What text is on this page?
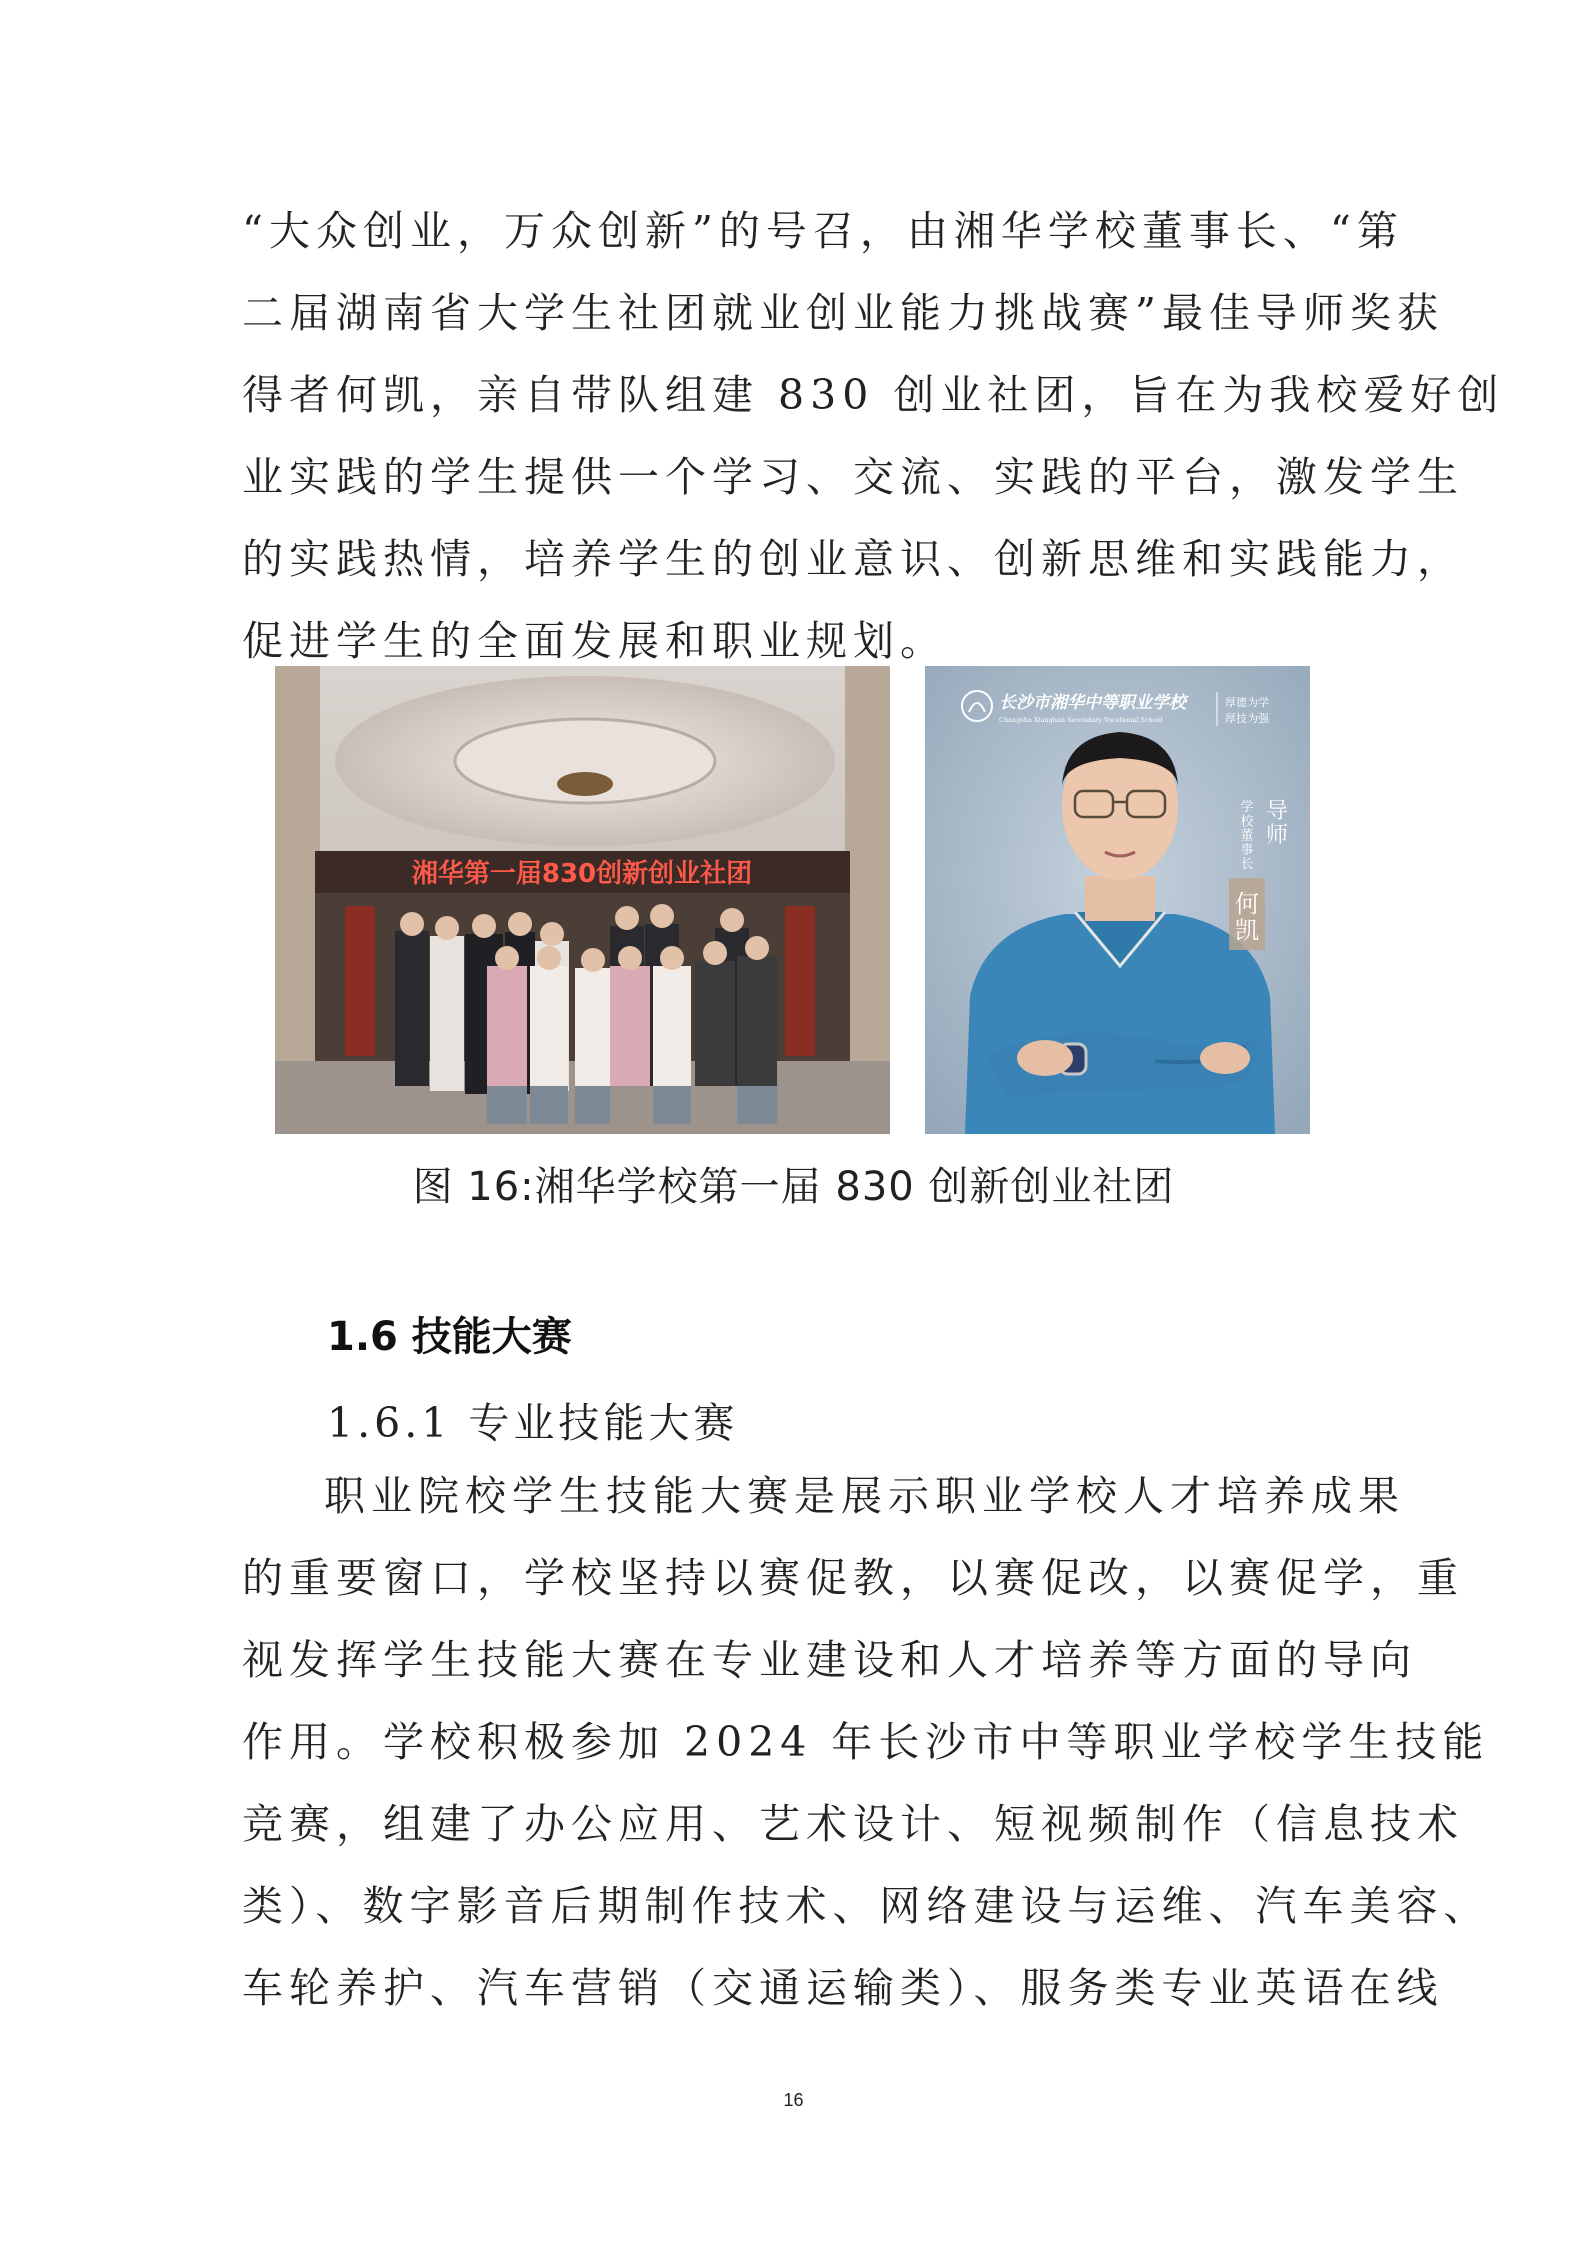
“大众创业，万众创新”的号召，由湘华学校董事长、“第
二届湖南省大学生社团就业创业能力挑战赛”最佳导师奖获
得者何凯，亲自带队组建 830 创业社团，旨在为我校爱好创
业实践的学生提供一个学习、交流、实践的平台，激发学生
的实践热情，培养学生的创业意识、创新思维和实践能力，
促进学生的全面发展和职业规划。
湘华第一届830创新创业社团
长沙市湘华中等职业学校
Changsha Xianghua Secondary Vocational School
厚德为学
厚技为强
导师
学校董事长
何凯
图 16:湘华学校第一届 830 创新创业社团
1.6 技能大赛
1.6.1 专业技能大赛
职业院校学生技能大赛是展示职业学校人才培养成果
的重要窗口，学校坚持以赛促教，以赛促改，以赛促学，重
视发挥学生技能大赛在专业建设和人才培养等方面的导向
作用。学校积极参加 2024 年长沙市中等职业学校学生技能
竞赛，组建了办公应用、艺术设计、短视频制作（信息技术
类）、数字影音后期制作技术、网络建设与运维、汽车美容、
车轮养护、汽车营销（交通运输类）、服务类专业英语在线
16
